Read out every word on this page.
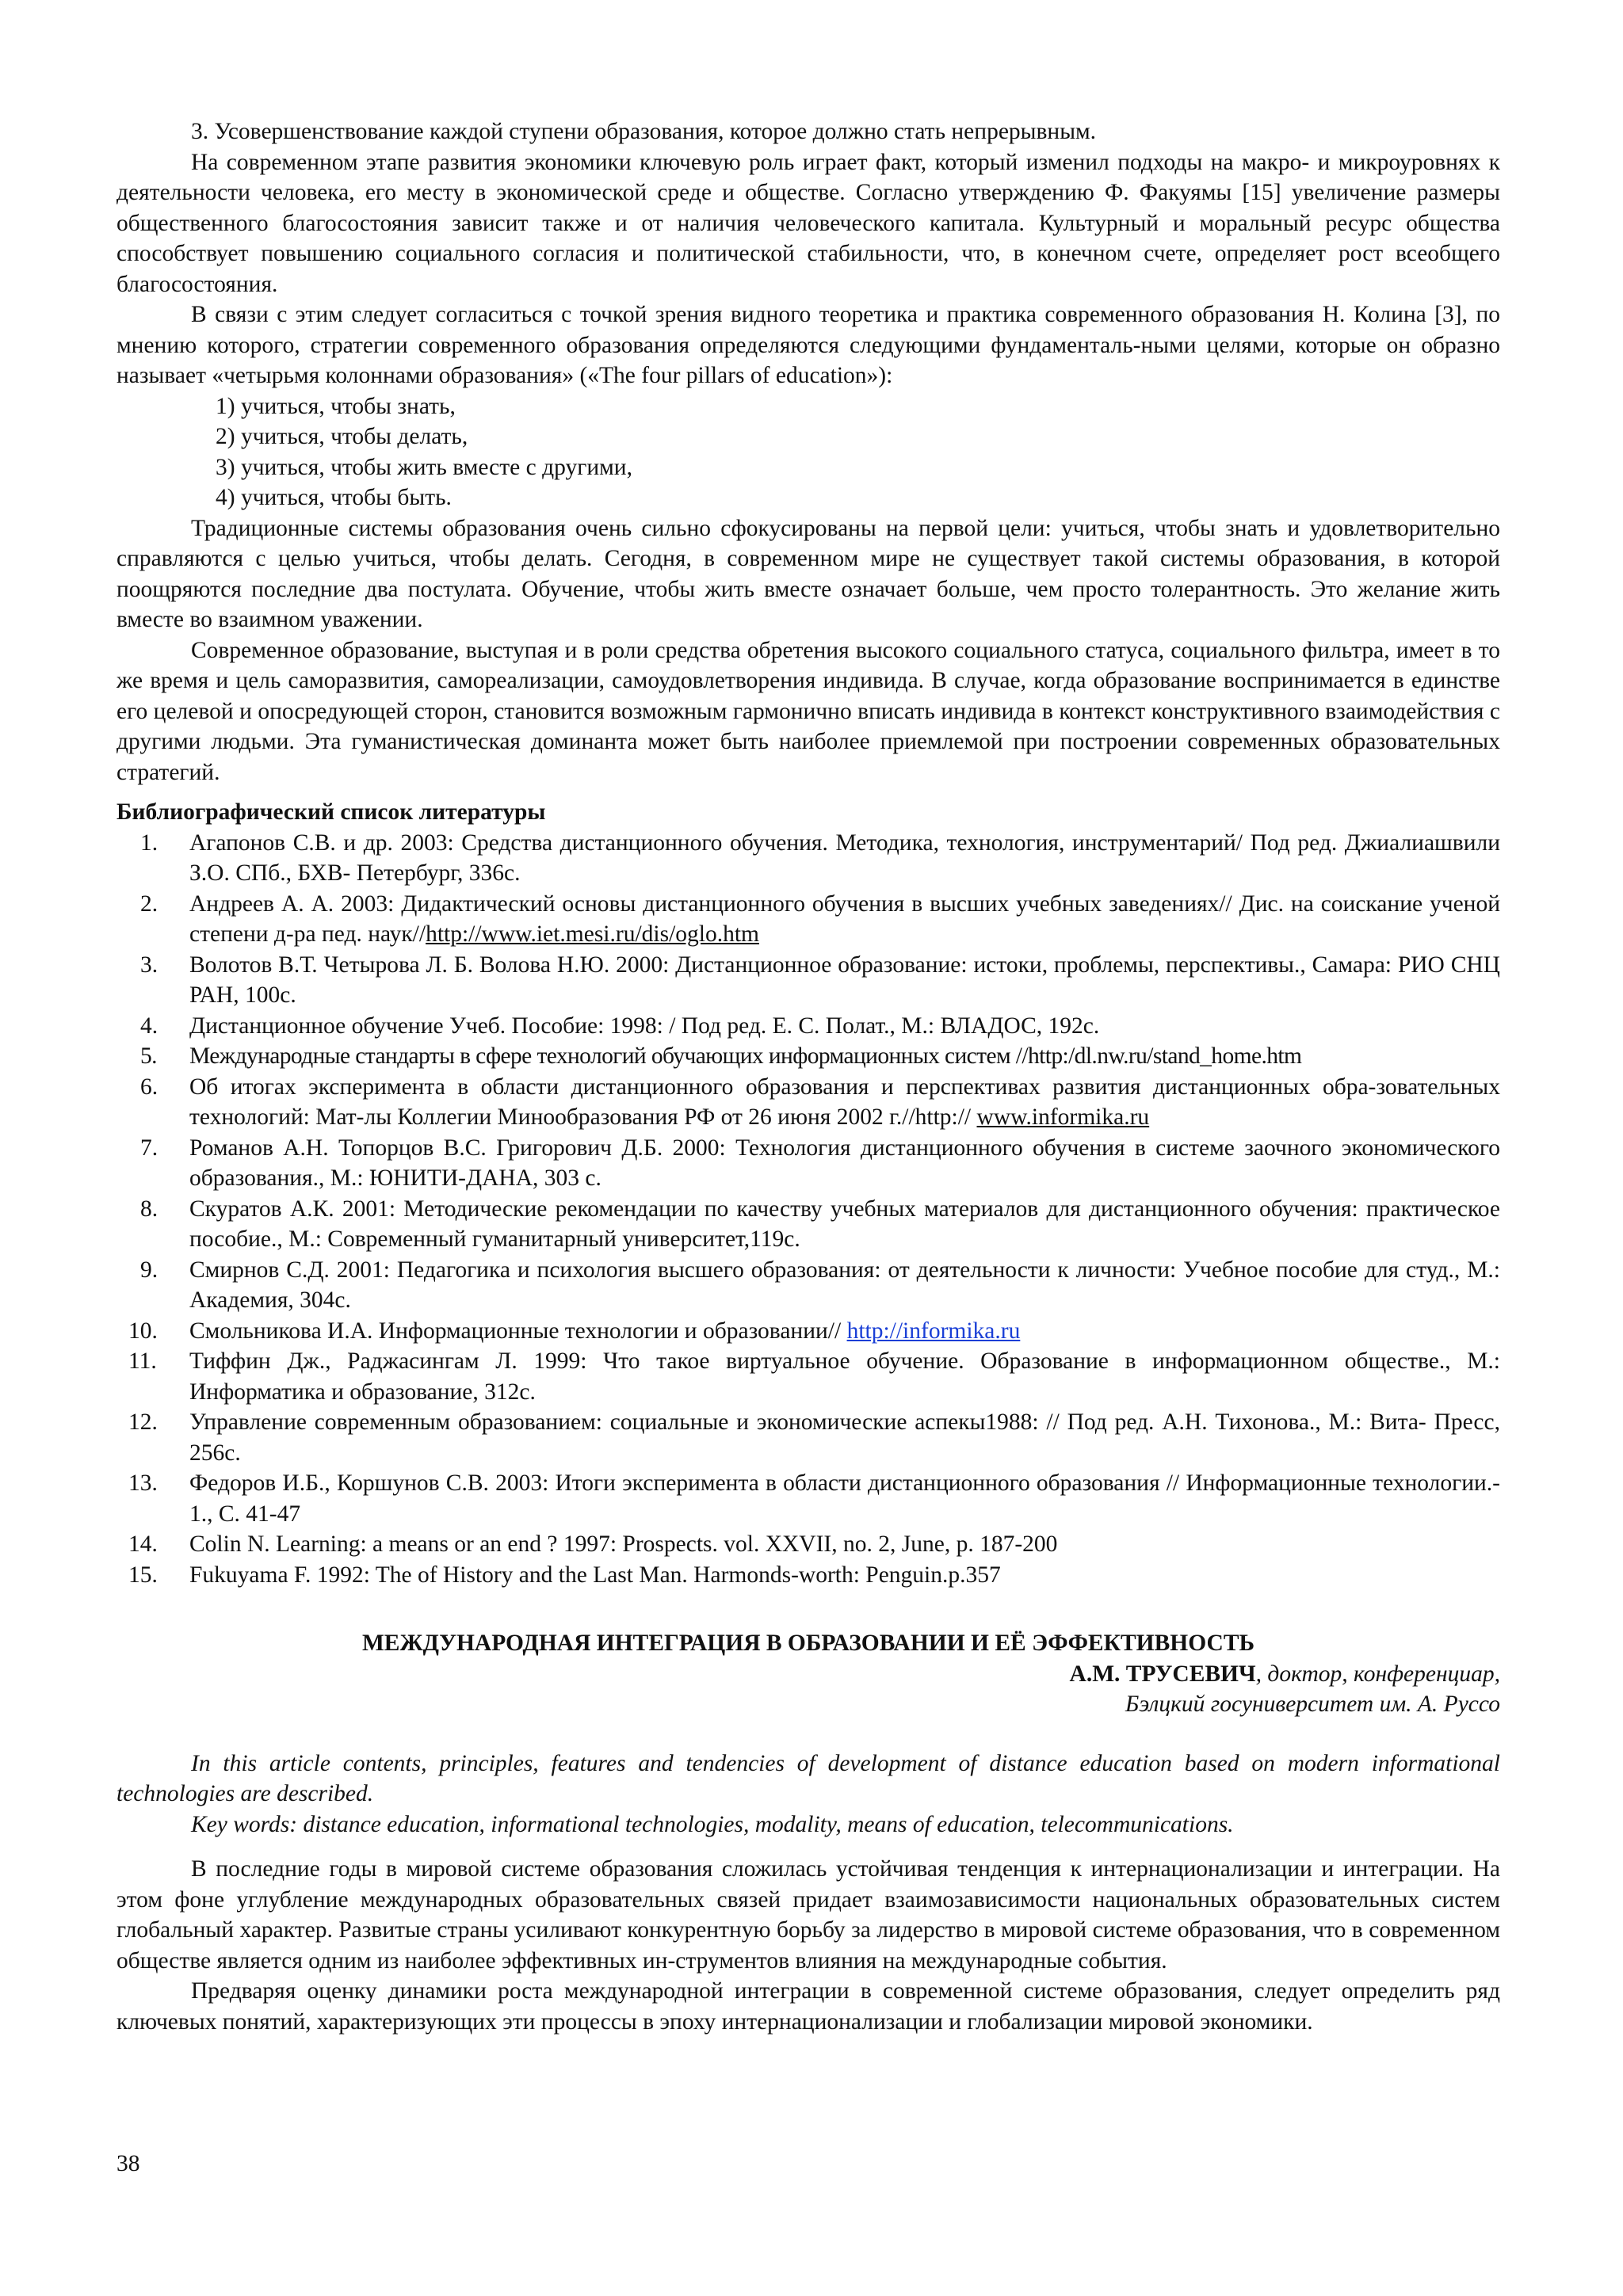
3. Усовершенствование каждой ступени образования, которое должно стать непрерывным.

На современном этапе развития экономики ключевую роль играет факт, который изменил подходы на макро- и микроуровнях к деятельности человека, его месту в экономической среде и обществе. Согласно утверждению Ф. Факуямы [15] увеличение размеры общественного благосостояния зависит также и от наличия человеческого капитала. Культурный и моральный ресурс общества способствует повышению социального согласия и политической стабильности, что, в конечном счете, определяет рост всеобщего благосостояния.

В связи с этим следует согласиться с точкой зрения видного теоретика и практика современного образования Н. Колина [3], по мнению которого, стратегии современного образования определяются следующими фундаменталь-ными целями, которые он образно называет «четырьмя колоннами образования» («The four pillars of education»):

1) учиться, чтобы знать,

2) учиться, чтобы делать,

3) учиться, чтобы жить вместе с другими,

4) учиться, чтобы быть.

Традиционные системы образования очень сильно сфокусированы на первой цели: учиться, чтобы знать и удовлетворительно справляются с целью учиться, чтобы делать. Сегодня, в современном мире не существует такой системы образования, в которой поощряются последние два постулата. Обучение, чтобы жить вместе означает больше, чем просто толерантность. Это желание жить вместе во взаимном уважении.

Современное образование, выступая и в роли средства обретения высокого социального статуса, социального фильтра, имеет в то же время и цель саморазвития, самореализации, самоудовлетворения индивида. В случае, когда образование воспринимается в единстве его целевой и опосредующей сторон, становится возможным гармонично вписать индивида в контекст конструктивного взаимодействия с другими людьми. Эта гуманистическая доминанта может быть наиболее приемлемой при построении современных образовательных стратегий.

Библиографический список литературы

1.	Агапонов С.В. и др. 2003: Средства дистанционного обучения. Методика, технология, инструментарий/ Под ред. Джиалиашвили З.О. СПб., БХВ- Петербург, 336с.
2.	Андреев А. А. 2003: Дидактический основы дистанционного обучения в высших учебных заведениях// Дис. на соискание ученой степени д-ра пед. наук//http://www.iet.mesi.ru/dis/oglo.htm
3.	Волотов В.Т. Четырова Л. Б. Волова Н.Ю. 2000: Дистанционное образование: истоки, проблемы, перспективы., Самара: РИО СНЦ РАН, 100с.
4.	Дистанционное обучение Учеб. Пособие: 1998: / Под ред. Е. С. Полат., М.: ВЛАДОС, 192с.
5.	Международные стандарты в сфере технологий обучающих информационных систем //http:/dl.nw.ru/stand_home.htm
6.	Об итогах эксперимента в области дистанционного образования и перспективах развития дистанционных обра-зовательных технологий: Мат-лы Коллегии Минообразования РФ от 26 июня 2002 г.//http:// www.informika.ru
7.	Романов А.Н. Топорцов В.С. Григорович Д.Б. 2000: Технология дистанционного обучения в системе заочного экономического образования., М.: ЮНИТИ-ДАНА, 303 с.
8.	Скуратов А.К. 2001: Методические рекомендации по качеству учебных материалов для дистанционного обучения: практическое пособие., М.: Современный гуманитарный университет,119с.
9.	Смирнов С.Д. 2001: Педагогика и психология высшего образования: от деятельности к личности: Учебное пособие для студ., М.: Академия, 304с.
10.	Смольникова И.А. Информационные технологии и образовании// http://informika.ru
11.	Тиффин Дж., Раджасингам Л. 1999: Что такое виртуальное обучение. Образование в информационном обществе., М.: Информатика и образование, 312с.
12.	Управление современным образованием: социальные и экономические аспекы1988: // Под ред. А.Н. Тихонова., М.: Вита- Пресс, 256с.
13.	Федоров И.Б., Коршунов С.В. 2003: Итоги эксперимента в области дистанционного образования // Информационные технологии.- 1., С. 41-47
14.	Colin N. Learning: a means or an end ? 1997: Prospects. vol. XXVII, no. 2, June, p. 187-200
15.	Fukuyama F. 1992: The of History and the Last Man. Harmonds-worth: Penguin.p.357

МЕЖДУНАРОДНАЯ ИНТЕГРАЦИЯ В ОБРАЗОВАНИИ И ЕЁ ЭФФЕКТИВНОСТЬ

А.М. ТРУСЕВИЧ, доктор, конференциар,

Бэлцкий госуниверситет им. А. Руссо

In this article contents, principles, features and tendencies of development of distance education based on modern informational technologies are described.

Key words: distance education, informational technologies, modality, means of education, telecommunications.

В последние годы в мировой системе образования сложилась устойчивая тенденция к интернационализации и интеграции. На этом фоне углубление международных образовательных связей придает взаимозависимости национальных образовательных систем глобальный характер. Развитые страны усиливают конкурентную борьбу за лидерство в мировой системе образования, что в современном обществе является одним из наиболее эффективных ин-струментов влияния на международные события.

Предваряя оценку динамики роста международной интеграции в современной системе образования, следует определить ряд ключевых понятий, характеризующих эти процессы в эпоху интернационализации и глобализации мировой экономики.

38
